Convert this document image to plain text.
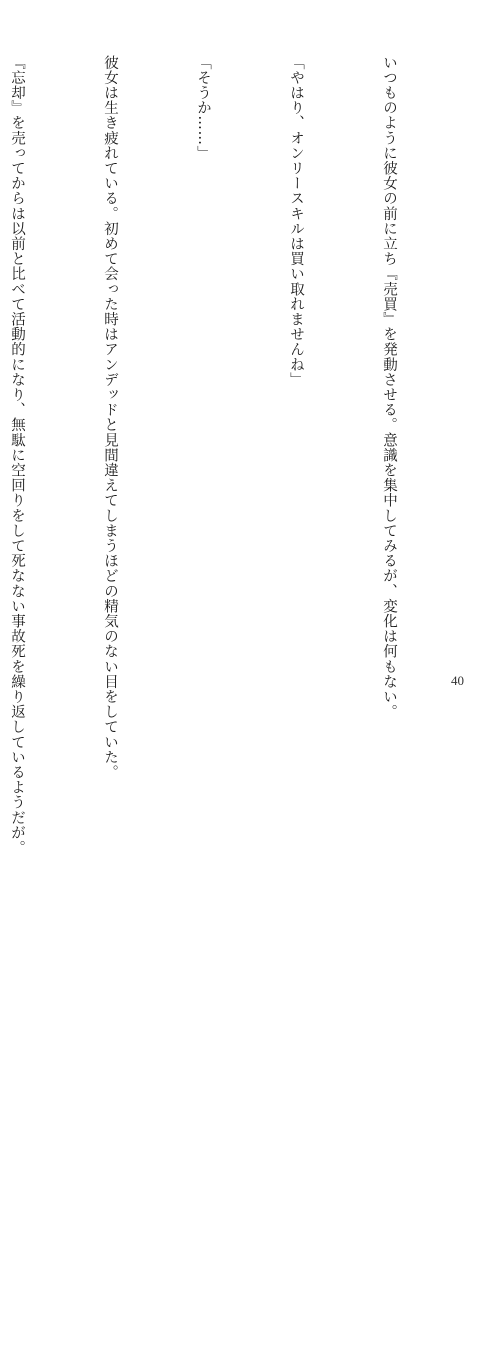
いつものように彼女の前に立ち『売買』を発動させる。意識を集中してみるが、変化は何もない。

「やはり、オンリースキルは買い取れませんね」

「そうか……」

彼女は生き疲れている。初めて会った時はアンデッドと見間違えてしまうほどの精気のない目をしていた。

『忘却』を売ってからは以前と比べて活動的になり、無駄に空回りをして死なない事故死を繰り返しているようだが。

	40
